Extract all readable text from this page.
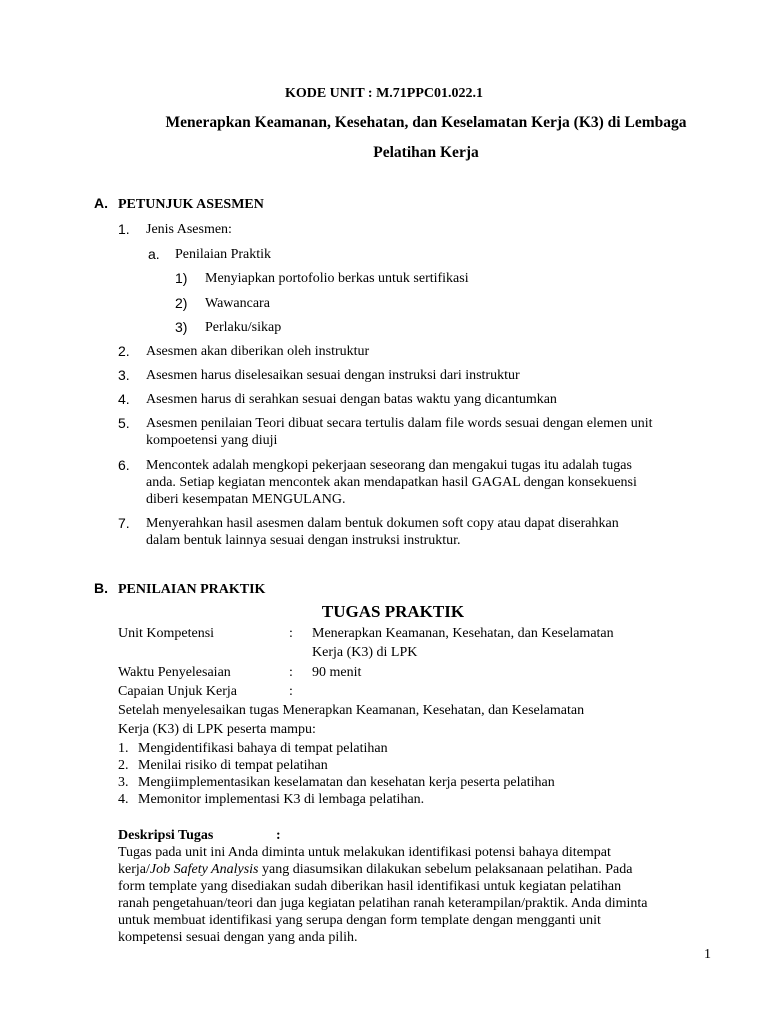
KODE UNIT : M.71PPC01.022.1
Menerapkan Keamanan, Kesehatan, dan Keselamatan Kerja (K3) di Lembaga
Pelatihan Kerja
A. PETUNJUK ASESMEN
1. Jenis Asesmen:
a. Penilaian Praktik
1) Menyiapkan portofolio berkas untuk sertifikasi
2) Wawancara
3) Perlaku/sikap
2. Asesmen akan diberikan oleh instruktur
3. Asesmen harus diselesaikan sesuai dengan instruksi dari instruktur
4. Asesmen harus di serahkan sesuai dengan batas waktu yang dicantumkan
5. Asesmen penilaian Teori dibuat secara tertulis dalam file words sesuai dengan elemen unit
kompoetensi yang diuji
6. Mencontek adalah mengkopi pekerjaan seseorang dan mengakui tugas itu adalah tugas
anda. Setiap kegiatan mencontek akan mendapatkan hasil GAGAL dengan konsekuensi
diberi kesempatan MENGULANG.
7. Menyerahkan hasil asesmen dalam bentuk dokumen soft copy atau dapat diserahkan
dalam bentuk lainnya sesuai dengan instruksi instruktur.
B. PENILAIAN PRAKTIK
TUGAS PRAKTIK
Unit Kompetensi	: Menerapkan Keamanan, Kesehatan, dan Keselamatan
Kerja (K3) di LPK
Waktu Penyelesaian	: 90 menit
Capaian Unjuk Kerja	:
Setelah menyelesaikan tugas Menerapkan Keamanan, Kesehatan, dan Keselamatan
Kerja (K3) di LPK peserta mampu:
1. Mengidentifikasi bahaya di tempat pelatihan
2. Menilai risiko di tempat pelatihan
3. Mengiimplementasikan keselamatan dan kesehatan kerja peserta pelatihan
4. Memonitor implementasi K3 di lembaga pelatihan.
Deskripsi Tugas	:
Tugas pada unit ini Anda diminta untuk melakukan identifikasi potensi bahaya ditempat
kerja/Job Safety Analysis yang diasumsikan dilakukan sebelum pelaksanaan pelatihan. Pada
form template yang disediakan sudah diberikan hasil identifikasi untuk kegiatan pelatihan
ranah pengetahuan/teori dan juga kegiatan pelatihan ranah keterampilan/praktik. Anda diminta
untuk membuat identifikasi yang serupa dengan form template dengan mengganti unit
kompetensi sesuai dengan yang anda pilih.
1
